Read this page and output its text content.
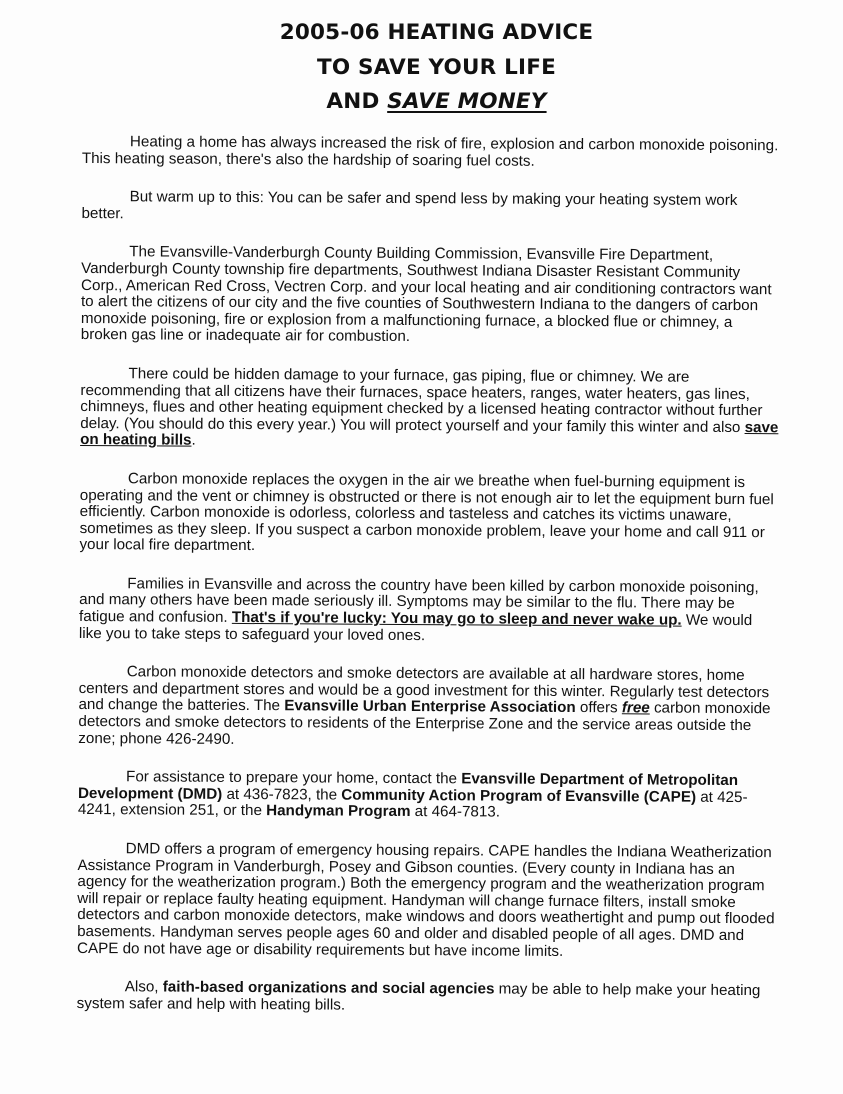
2005-06 HEATING ADVICE
TO SAVE YOUR LIFE
AND SAVE MONEY

Heating a home has always increased the risk of fire, explosion and carbon monoxide poisoning. This heating season, there's also the hardship of soaring fuel costs.

But warm up to this: You can be safer and spend less by making your heating system work better.

The Evansville-Vanderburgh County Building Commission, Evansville Fire Department, Vanderburgh County township fire departments, Southwest Indiana Disaster Resistant Community Corp., American Red Cross, Vectren Corp. and your local heating and air conditioning contractors want to alert the citizens of our city and the five counties of Southwestern Indiana to the dangers of carbon monoxide poisoning, fire or explosion from a malfunctioning furnace, a blocked flue or chimney, a broken gas line or inadequate air for combustion.

There could be hidden damage to your furnace, gas piping, flue or chimney. We are recommending that all citizens have their furnaces, space heaters, ranges, water heaters, gas lines, chimneys, flues and other heating equipment checked by a licensed heating contractor without further delay. (You should do this every year.) You will protect yourself and your family this winter and also save on heating bills.

Carbon monoxide replaces the oxygen in the air we breathe when fuel-burning equipment is operating and the vent or chimney is obstructed or there is not enough air to let the equipment burn fuel efficiently. Carbon monoxide is odorless, colorless and tasteless and catches its victims unaware, sometimes as they sleep. If you suspect a carbon monoxide problem, leave your home and call 911 or your local fire department.

Families in Evansville and across the country have been killed by carbon monoxide poisoning, and many others have been made seriously ill. Symptoms may be similar to the flu. There may be fatigue and confusion. That's if you're lucky: You may go to sleep and never wake up. We would like you to take steps to safeguard your loved ones.

Carbon monoxide detectors and smoke detectors are available at all hardware stores, home centers and department stores and would be a good investment for this winter. Regularly test detectors and change the batteries. The Evansville Urban Enterprise Association offers free carbon monoxide detectors and smoke detectors to residents of the Enterprise Zone and the service areas outside the zone; phone 426-2490.

For assistance to prepare your home, contact the Evansville Department of Metropolitan Development (DMD) at 436-7823, the Community Action Program of Evansville (CAPE) at 425-4241, extension 251, or the Handyman Program at 464-7813.

DMD offers a program of emergency housing repairs. CAPE handles the Indiana Weatherization Assistance Program in Vanderburgh, Posey and Gibson counties. (Every county in Indiana has an agency for the weatherization program.) Both the emergency program and the weatherization program will repair or replace faulty heating equipment. Handyman will change furnace filters, install smoke detectors and carbon monoxide detectors, make windows and doors weathertight and pump out flooded basements. Handyman serves people ages 60 and older and disabled people of all ages. DMD and CAPE do not have age or disability requirements but have income limits.

Also, faith-based organizations and social agencies may be able to help make your heating system safer and help with heating bills.
